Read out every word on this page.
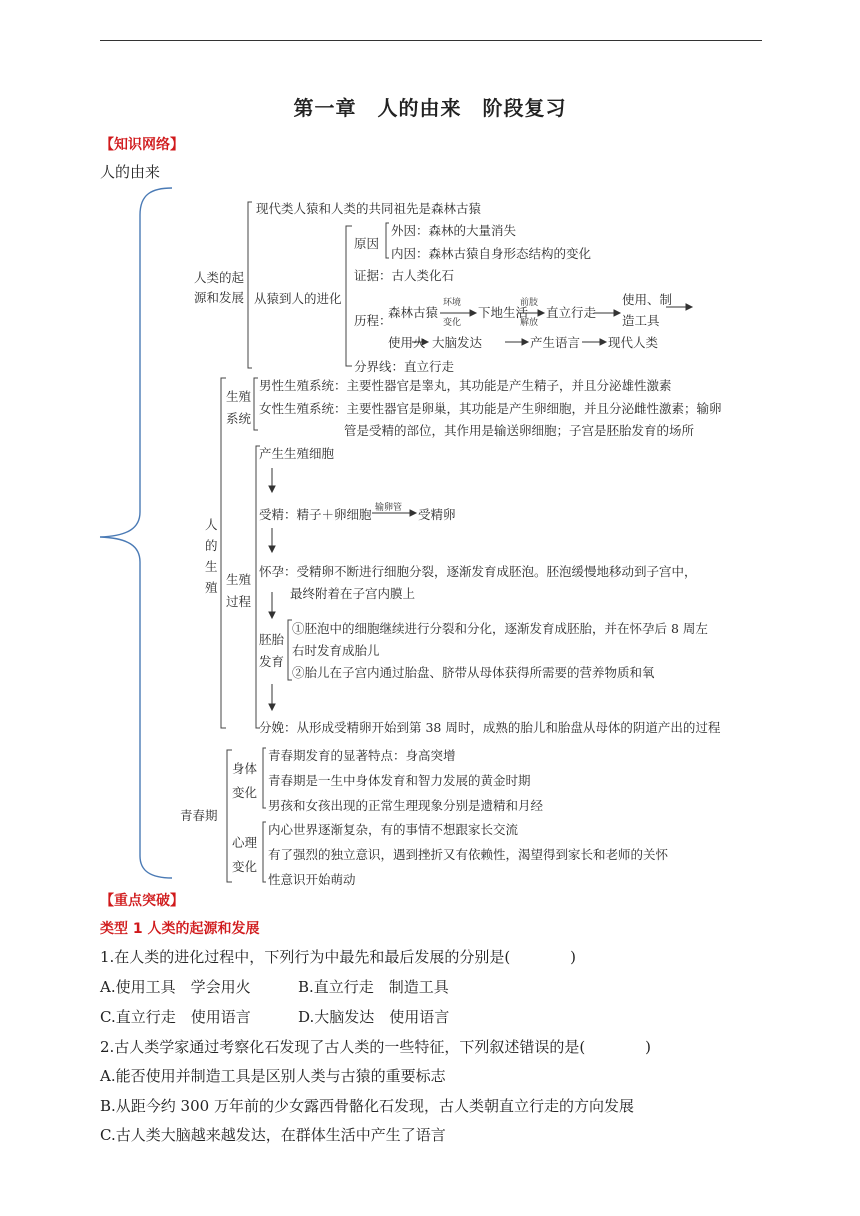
第一章　人的由来　阶段复习
【知识网络】
人的由来
人类的起
源和发展
现代类人猿和人类的共同祖先是森林古猿
从猿到人的进化
原因
外因：森林的大量消失
内因：森林古猿自身形态结构的变化
证据：古人类化石
历程：
森林古猿
环境
变化
下地生活
前肢
解放
直立行走
使用、制
造工具
使用火 大脑发达	产生语言 现代人类
分界线：直立行走
人
的
生
殖
生殖
系统
男性生殖系统：主要性器官是睾丸，其功能是产生精子，并且分泌雄性激素
女性生殖系统：主要性器官是卵巢，其功能是产生卵细胞，并且分泌雌性激素；输卵
管是受精的部位，其作用是输送卵细胞；子宫是胚胎发育的场所
生殖
过程
产生生殖细胞
受精：精子＋卵细胞 输卵管 受精卵
怀孕：受精卵不断进行细胞分裂，逐渐发育成胚泡。胚泡缓慢地移动到子宫中，
最终附着在子宫内膜上
胚胎
发育
①胚泡中的细胞继续进行分裂和分化，逐渐发育成胚胎，并在怀孕后 8 周左
右时发育成胎儿
②胎儿在子宫内通过胎盘、脐带从母体获得所需要的营养物质和氧
分娩：从形成受精卵开始到第 38 周时，成熟的胎儿和胎盘从母体的阴道产出的过程
青春期
身体
变化
青春期发育的显著特点：身高突增
青春期是一生中身体发育和智力发展的黄金时期
男孩和女孩出现的正常生理现象分别是遗精和月经
心理
变化
内心世界逐渐复杂，有的事情不想跟家长交流
有了强烈的独立意识，遇到挫折又有依赖性，渴望得到家长和老师的关怀
性意识开始萌动
【重点突破】
类型 1 人类的起源和发展
1.在人类的进化过程中，下列行为中最先和最后发展的分别是(　　　　)
A.使用工具　学会用火	B.直立行走　制造工具
C.直立行走　使用语言	D.大脑发达　使用语言
2.古人类学家通过考察化石发现了古人类的一些特征，下列叙述错误的是(　　　　)
A.能否使用并制造工具是区别人类与古猿的重要标志
B.从距今约 300 万年前的少女露西骨骼化石发现，古人类朝直立行走的方向发展
C.古人类大脑越来越发达，在群体生活中产生了语言
